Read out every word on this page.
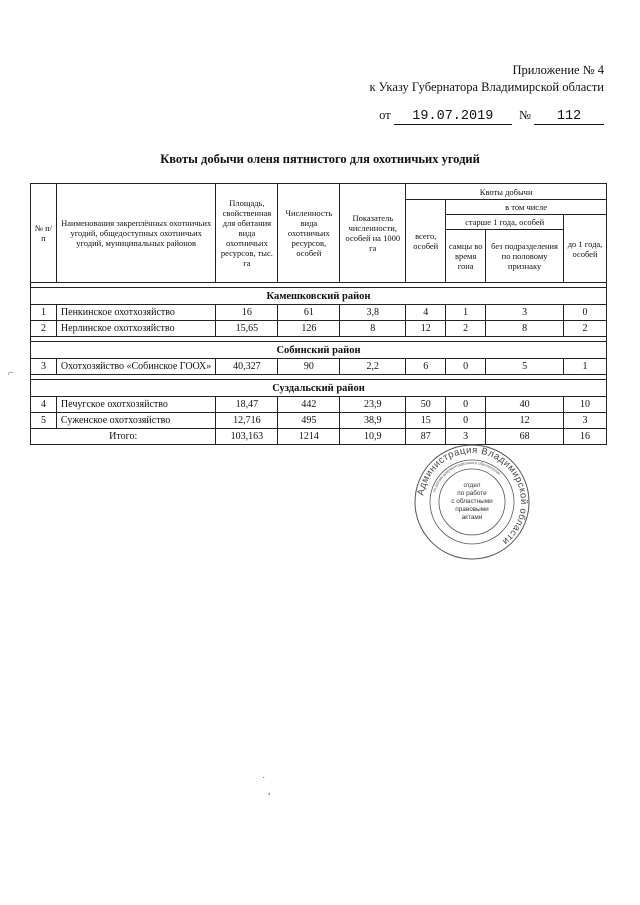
Приложение № 4
к Указу Губернатора Владимирской области
от 19.07.2019 № 112
Квоты добычи оленя пятнистого для охотничьих угодий
№ п/п	Наименования закреплённых охотничьих угодий, общедоступных охотничьих угодий, муниципальных районов	Площадь, свойственная для обитания вида охотничьих ресурсов, тыс. га	Численность вида охотничьих ресурсов, особей	Показатель численности, особей на 1000 га	Квоты добычи			
					всего, особей	в том числе		
						старше 1 года, особей		до 1 года, особей
						самцы во время гона	без подразделения по половому признаку	

Камешковский район								
1	Пенкинское охотхозяйство	16	61	3,8	4	1	3	0
2	Нерлинское охотхозяйство	15,65	126	8	12	2	8	2

Собинский район								
3	Охотхозяйство «Собинское ГООХ»	40,327	90	2,2	6	0	5	1

Суздальский район								
4	Печугское охотхозяйство	18,47	442	23,9	50	0	40	10
5	Суженское охотхозяйство	12,716	495	38,9	15	0	12	3
Итого:		103,163	1214	10,9	87	3	68	16
Администрация Владимирской области
по делам документационного обеспечения
отдел
по работе
с областными
правовыми
актами
⌐
˙
,
